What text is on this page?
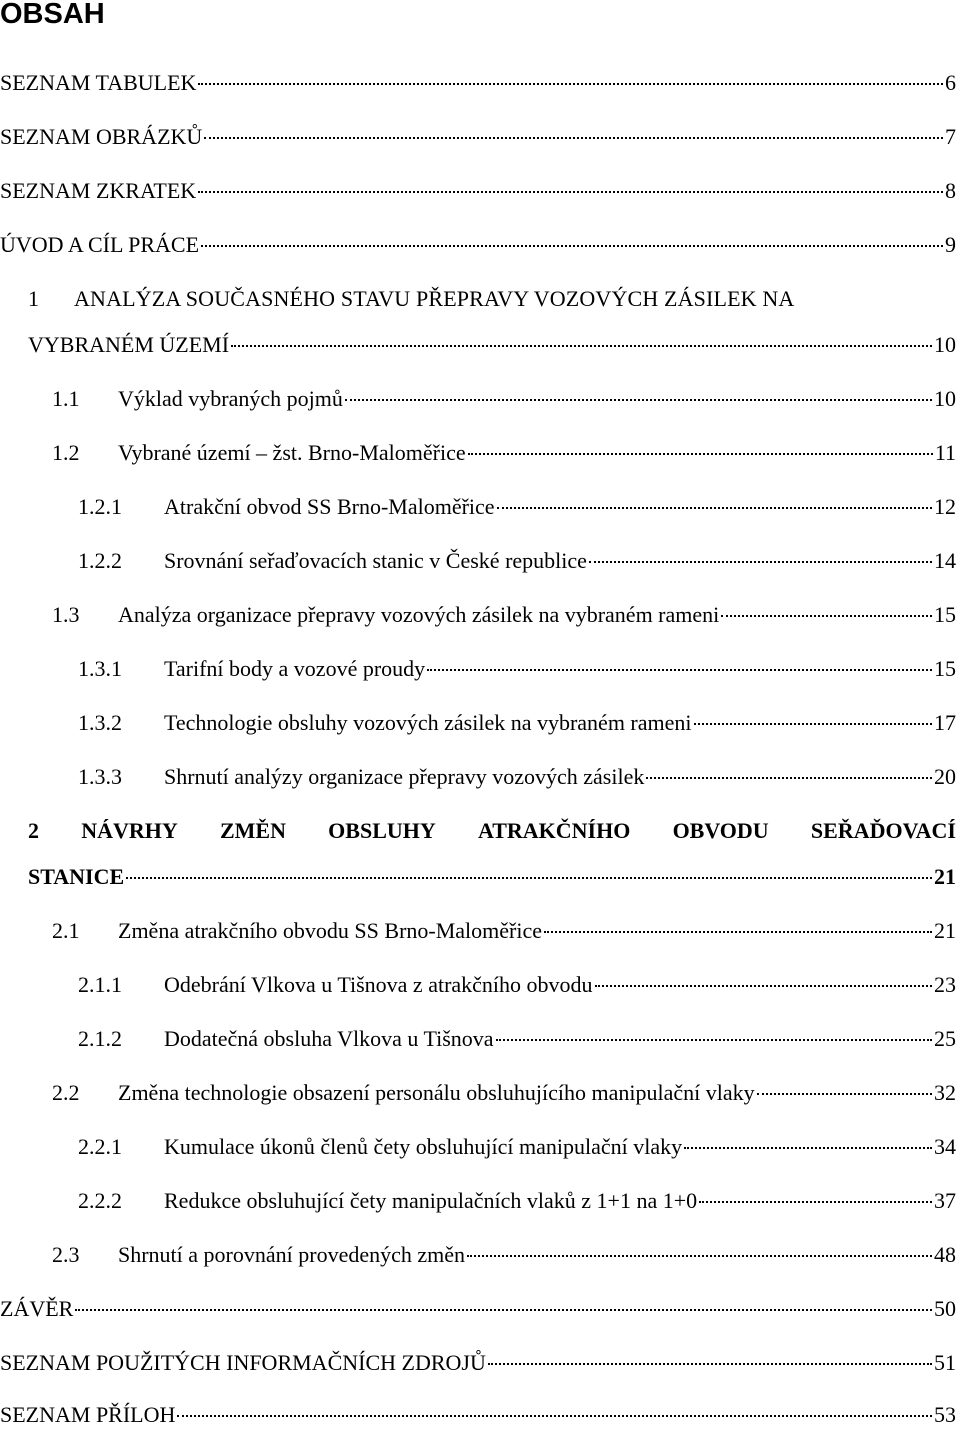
OBSAH
SEZNAM TABULEK	6
SEZNAM OBRÁZKŮ	7
SEZNAM ZKRATEK	8
ÚVOD A CÍL PRÁCE	9
1	ANALÝZA SOUČASNÉHO STAVU PŘEPRAVY VOZOVÝCH ZÁSILEK NA
VYBRANÉM ÚZEMÍ	10
1.1	Výklad vybraných pojmů	10
1.2	Vybrané území – žst. Brno-Maloměřice	11
1.2.1	Atrakční obvod SS Brno-Maloměřice	12
1.2.2	Srovnání seřaďovacích stanic v České republice	14
1.3	Analýza organizace přepravy vozových zásilek na vybraném rameni	15
1.3.1	Tarifní body a vozové proudy	15
1.3.2	Technologie obsluhy vozových zásilek na vybraném rameni	17
1.3.3	Shrnutí analýzy organizace přepravy vozových zásilek	20
2 NÁVRHY ZMĚN OBSLUHY ATRAKČNÍHO OBVODU SEŘAĎOVACÍ
STANICE	21
2.1	Změna atrakčního obvodu SS Brno-Maloměřice	21
2.1.1	Odebrání Vlkova u Tišnova z atrakčního obvodu	23
2.1.2	Dodatečná obsluha Vlkova u Tišnova	25
2.2	Změna technologie obsazení personálu obsluhujícího manipulační vlaky	32
2.2.1	Kumulace úkonů členů čety obsluhující manipulační vlaky	34
2.2.2	Redukce obsluhující čety manipulačních vlaků z 1+1 na 1+0	37
2.3	Shrnutí a porovnání provedených změn	48
ZÁVĚR	50
SEZNAM POUŽITÝCH INFORMAČNÍCH ZDROJŮ	51
SEZNAM PŘÍLOH	53
